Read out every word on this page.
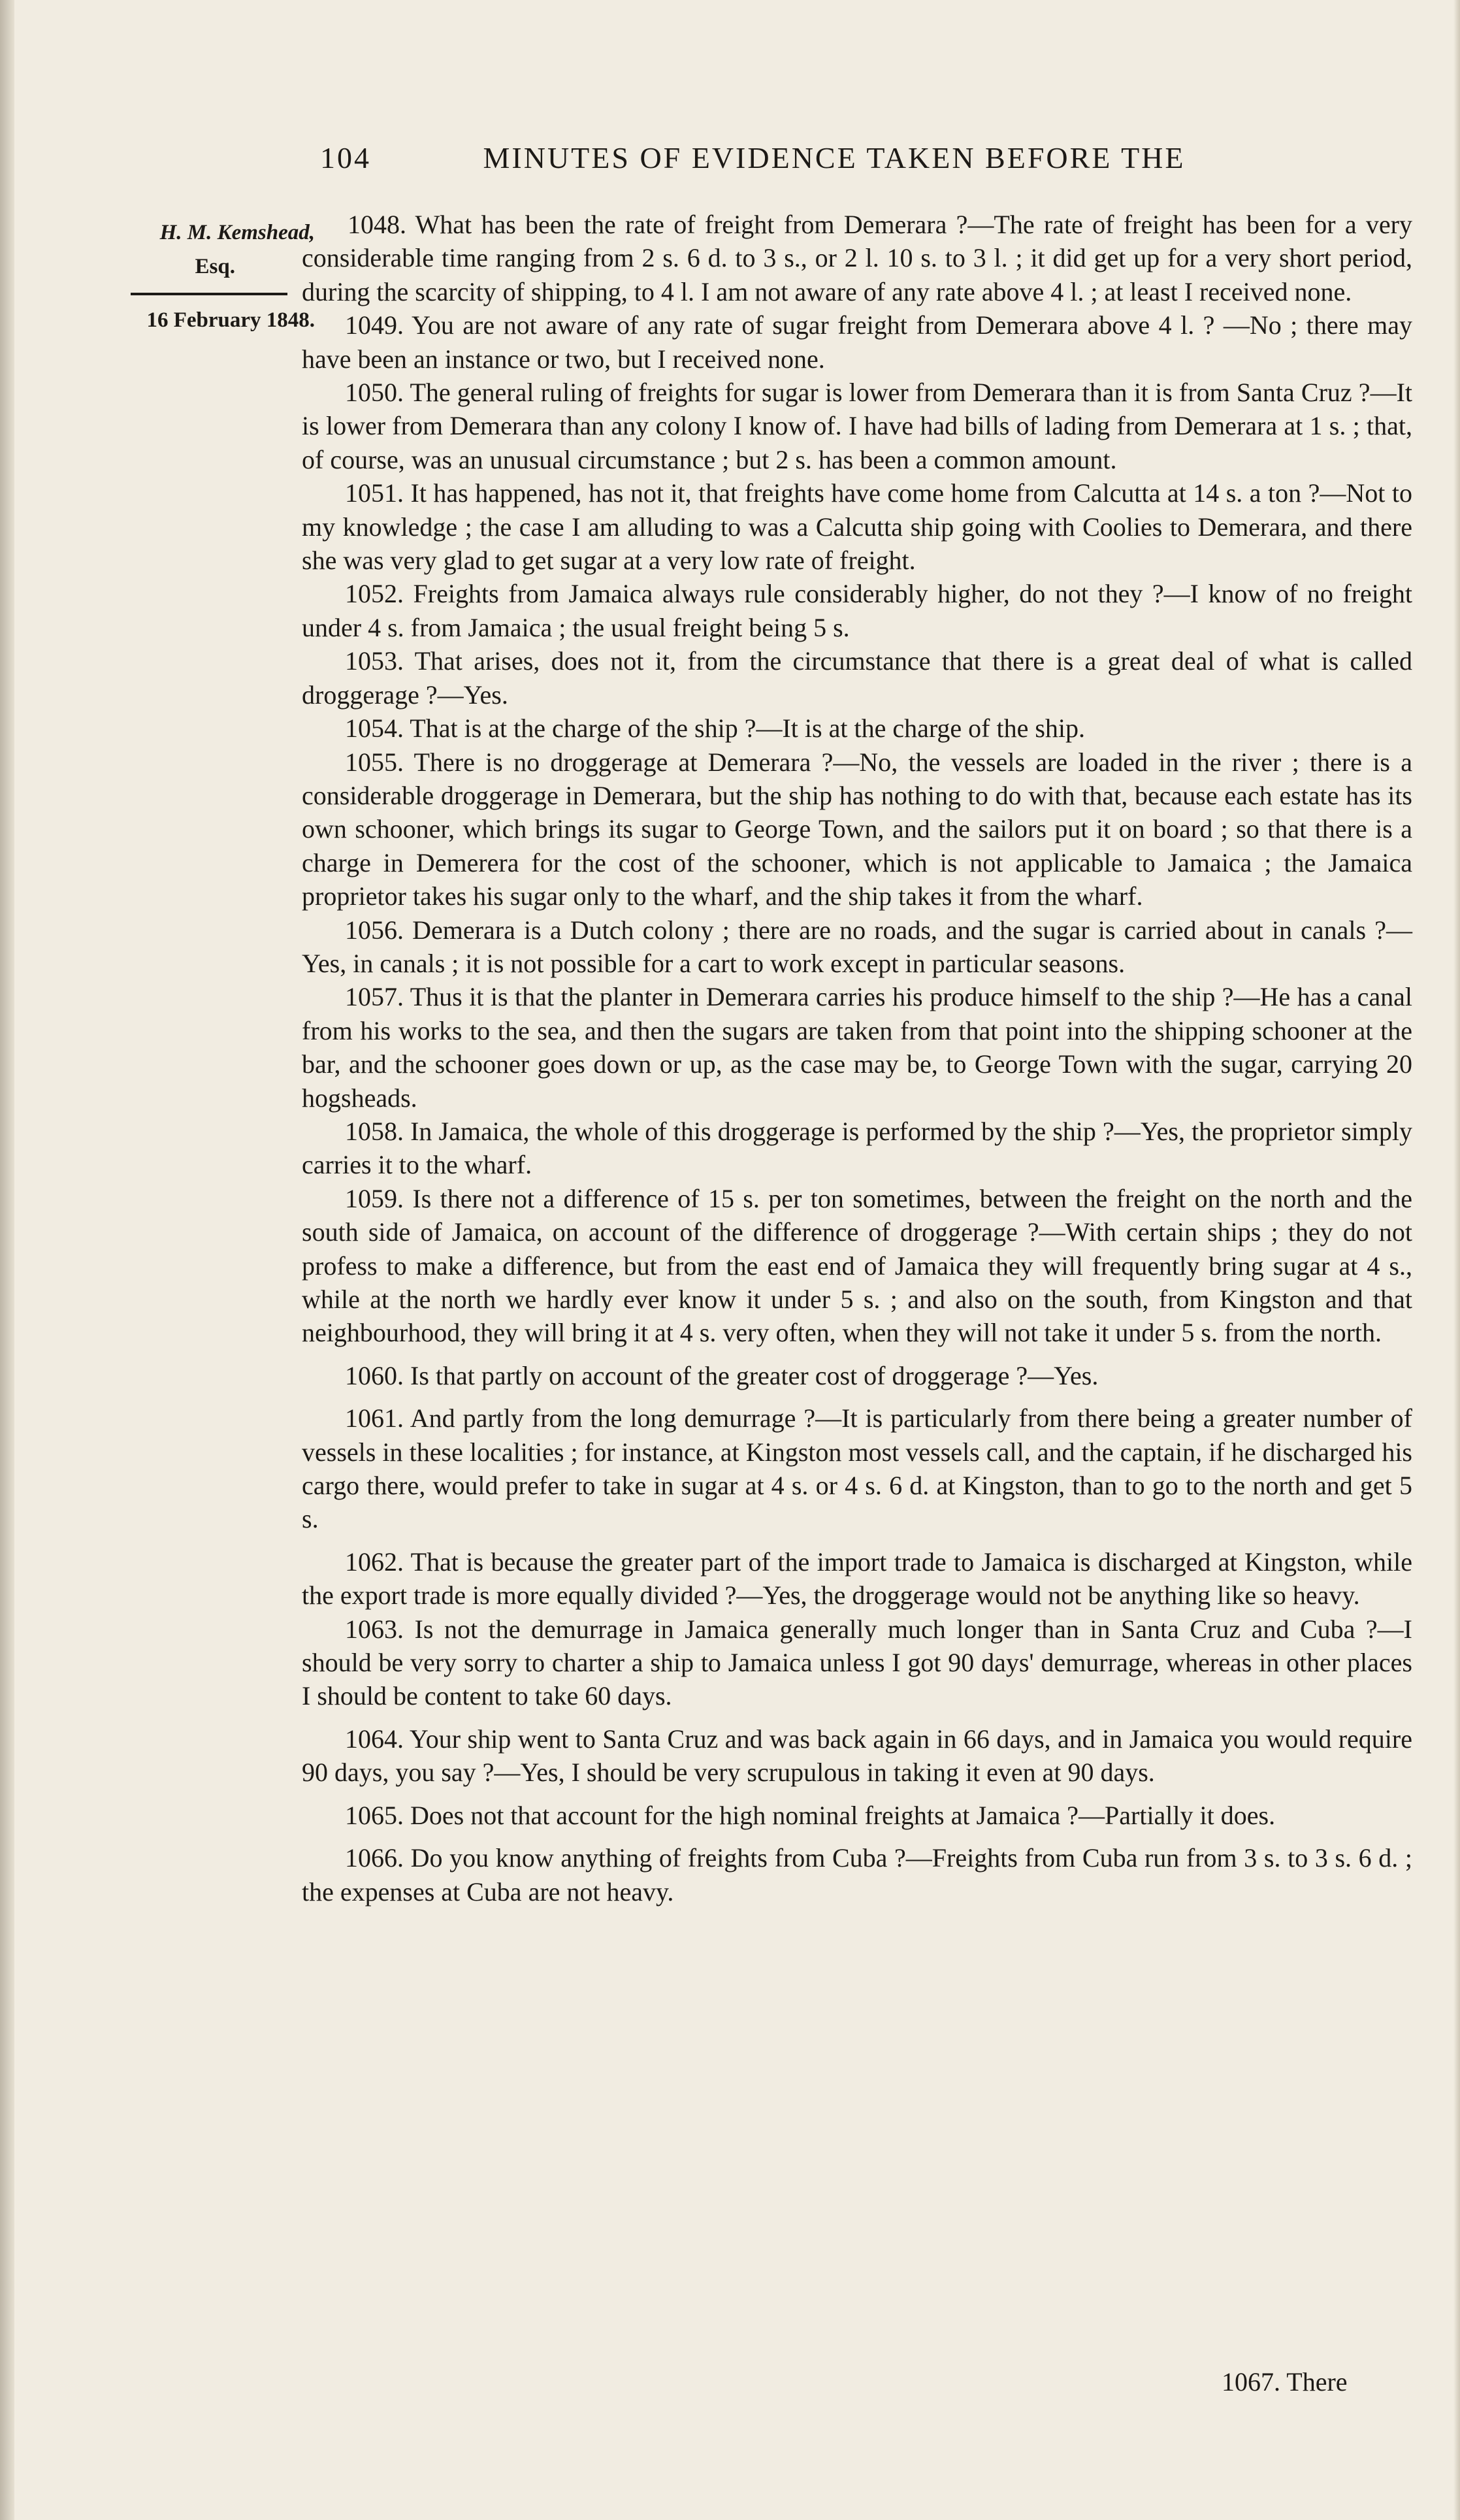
104	MINUTES OF EVIDENCE TAKEN BEFORE THE
H. M. Kemshead,
Esq.
16 February 1848.

1048. What has been the rate of freight from Demerara ?—The rate of freight has been for a very considerable time ranging from 2 s. 6 d. to 3 s., or 2 l. 10 s. to 3 l. ; it did get up for a very short period, during the scarcity of shipping, to 4 l. I am not aware of any rate above 4 l. ; at least I received none.

1049. You are not aware of any rate of sugar freight from Demerara above 4 l. ? —No ; there may have been an instance or two, but I received none.

1050. The general ruling of freights for sugar is lower from Demerara than it is from Santa Cruz ?—It is lower from Demerara than any colony I know of. I have had bills of lading from Demerara at 1 s. ; that, of course, was an unusual circumstance ; but 2 s. has been a common amount.

1051. It has happened, has not it, that freights have come home from Calcutta at 14 s. a ton ?—Not to my knowledge ; the case I am alluding to was a Calcutta ship going with Coolies to Demerara, and there she was very glad to get sugar at a very low rate of freight.

1052. Freights from Jamaica always rule considerably higher, do not they ?—I know of no freight under 4 s. from Jamaica ; the usual freight being 5 s.

1053. That arises, does not it, from the circumstance that there is a great deal of what is called droggerage ?—Yes.

1054. That is at the charge of the ship ?—It is at the charge of the ship.

1055. There is no droggerage at Demerara ?—No, the vessels are loaded in the river ; there is a considerable droggerage in Demerara, but the ship has nothing to do with that, because each estate has its own schooner, which brings its sugar to George Town, and the sailors put it on board ; so that there is a charge in Demerera for the cost of the schooner, which is not applicable to Jamaica ; the Jamaica proprietor takes his sugar only to the wharf, and the ship takes it from the wharf.

1056. Demerara is a Dutch colony ; there are no roads, and the sugar is carried about in canals ?—Yes, in canals ; it is not possible for a cart to work except in particular seasons.

1057. Thus it is that the planter in Demerara carries his produce himself to the ship ?—He has a canal from his works to the sea, and then the sugars are taken from that point into the shipping schooner at the bar, and the schooner goes down or up, as the case may be, to George Town with the sugar, carrying 20 hogsheads.

1058. In Jamaica, the whole of this droggerage is performed by the ship ?—Yes, the proprietor simply carries it to the wharf.

1059. Is there not a difference of 15 s. per ton sometimes, between the freight on the north and the south side of Jamaica, on account of the difference of droggerage ?—With certain ships ; they do not profess to make a difference, but from the east end of Jamaica they will frequently bring sugar at 4 s., while at the north we hardly ever know it under 5 s. ; and also on the south, from Kingston and that neighbourhood, they will bring it at 4 s. very often, when they will not take it under 5 s. from the north.

1060. Is that partly on account of the greater cost of droggerage ?—Yes.

1061. And partly from the long demurrage ?—It is particularly from there being a greater number of vessels in these localities ; for instance, at Kingston most vessels call, and the captain, if he discharged his cargo there, would prefer to take in sugar at 4 s. or 4 s. 6 d. at Kingston, than to go to the north and get 5 s.

1062. That is because the greater part of the import trade to Jamaica is discharged at Kingston, while the export trade is more equally divided ?—Yes, the droggerage would not be anything like so heavy.

1063. Is not the demurrage in Jamaica generally much longer than in Santa Cruz and Cuba ?—I should be very sorry to charter a ship to Jamaica unless I got 90 days' demurrage, whereas in other places I should be content to take 60 days.

1064. Your ship went to Santa Cruz and was back again in 66 days, and in Jamaica you would require 90 days, you say ?—Yes, I should be very scrupulous in taking it even at 90 days.

1065. Does not that account for the high nominal freights at Jamaica ?—Partially it does.

1066. Do you know anything of freights from Cuba ?—Freights from Cuba run from 3 s. to 3 s. 6 d. ; the expenses at Cuba are not heavy.

1067. There
